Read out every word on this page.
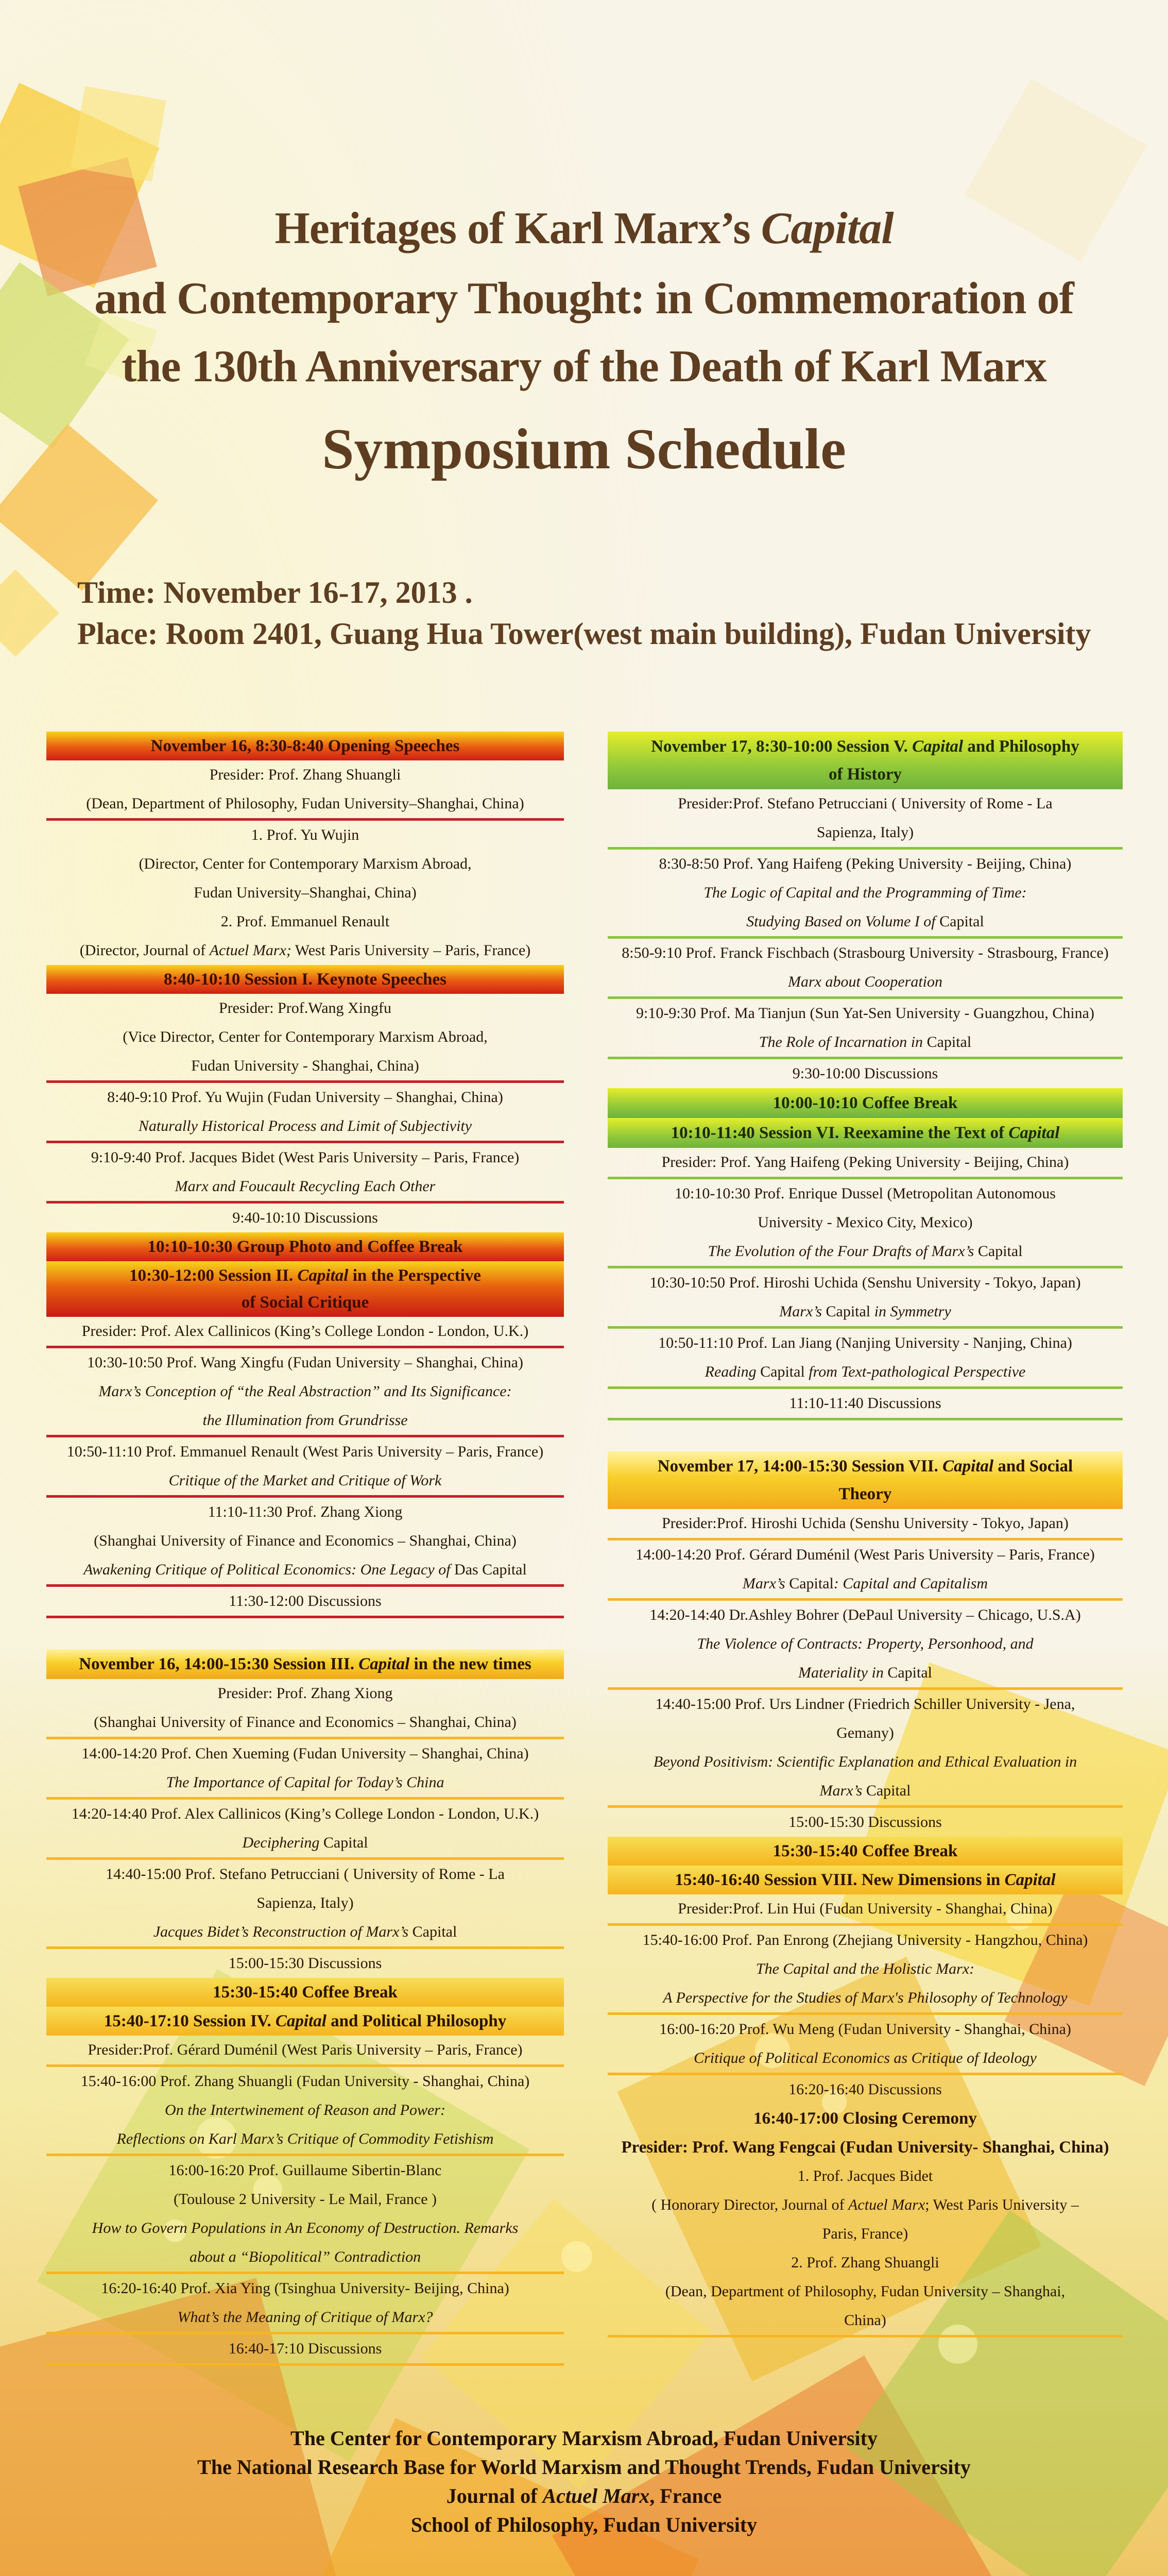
Heritages of Karl Marx’s Capital
and Contemporary Thought: in Commemoration of
the 130th Anniversary of the Death of Karl Marx
Symposium Schedule
Time: November 16-17, 2013 .
Place: Room 2401, Guang Hua Tower(west main building), Fudan University
November 16, 8:30-8:40 Opening Speeches
Presider: Prof. Zhang Shuangli
(Dean, Department of Philosophy, Fudan University–Shanghai, China)
1. Prof. Yu Wujin
(Director, Center for Contemporary Marxism Abroad,
Fudan University–Shanghai, China)
2. Prof. Emmanuel Renault
(Director, Journal of Actuel Marx; West Paris University – Paris, France)
8:40-10:10 Session I. Keynote Speeches
Presider: Prof.Wang Xingfu
(Vice Director, Center for Contemporary Marxism Abroad,
Fudan University - Shanghai, China)
8:40-9:10 Prof. Yu Wujin (Fudan University – Shanghai, China)
Naturally Historical Process and Limit of Subjectivity
9:10-9:40 Prof. Jacques Bidet (West Paris University – Paris, France)
Marx and Foucault Recycling Each Other
9:40-10:10 Discussions
10:10-10:30 Group Photo and Coffee Break
10:30-12:00 Session II. Capital in the Perspective
of Social Critique
Presider: Prof. Alex Callinicos (King’s College London - London, U.K.)
10:30-10:50 Prof. Wang Xingfu (Fudan University – Shanghai, China)
Marx’s Conception of “the Real Abstraction” and Its Significance:
the Illumination from Grundrisse
10:50-11:10 Prof. Emmanuel Renault (West Paris University – Paris, France)
Critique of the Market and Critique of Work
11:10-11:30 Prof. Zhang Xiong
(Shanghai University of Finance and Economics – Shanghai, China)
Awakening Critique of Political Economics: One Legacy of Das Capital
11:30-12:00 Discussions
November 16, 14:00-15:30 Session III. Capital in the new times
Presider: Prof. Zhang Xiong
(Shanghai University of Finance and Economics – Shanghai, China)
14:00-14:20 Prof. Chen Xueming (Fudan University – Shanghai, China)
The Importance of Capital for Today’s China
14:20-14:40 Prof. Alex Callinicos (King’s College London - London, U.K.)
Deciphering Capital
14:40-15:00 Prof. Stefano Petrucciani ( University of Rome - La
Sapienza, Italy)
Jacques Bidet’s Reconstruction of Marx’s Capital
15:00-15:30 Discussions
15:30-15:40 Coffee Break
15:40-17:10 Session IV. Capital and Political Philosophy
Presider:Prof. Gérard Duménil (West Paris University – Paris, France)
15:40-16:00 Prof. Zhang Shuangli (Fudan University - Shanghai, China)
On the Intertwinement of Reason and Power:
Reflections on Karl Marx’s Critique of Commodity Fetishism
16:00-16:20 Prof. Guillaume Sibertin-Blanc
(Toulouse 2 University - Le Mail, France )
How to Govern Populations in An Economy of Destruction. Remarks
about a “Biopolitical” Contradiction
16:20-16:40 Prof. Xia Ying (Tsinghua University- Beijing, China)
What’s the Meaning of Critique of Marx?
16:40-17:10 Discussions
November 17, 8:30-10:00 Session V. Capital and Philosophy
of History
Presider:Prof. Stefano Petrucciani ( University of Rome - La
Sapienza, Italy)
8:30-8:50 Prof. Yang Haifeng (Peking University - Beijing, China)
The Logic of Capital and the Programming of Time:
Studying Based on Volume I of Capital
8:50-9:10 Prof. Franck Fischbach (Strasbourg University - Strasbourg, France)
Marx about Cooperation
9:10-9:30 Prof. Ma Tianjun (Sun Yat-Sen University - Guangzhou, China)
The Role of Incarnation in Capital
9:30-10:00 Discussions
10:00-10:10 Coffee Break
10:10-11:40 Session VI. Reexamine the Text of Capital
Presider: Prof. Yang Haifeng (Peking University - Beijing, China)
10:10-10:30 Prof. Enrique Dussel (Metropolitan Autonomous
University - Mexico City, Mexico)
The Evolution of the Four Drafts of Marx’s Capital
10:30-10:50 Prof. Hiroshi Uchida (Senshu University - Tokyo, Japan)
Marx’s Capital in Symmetry
10:50-11:10 Prof. Lan Jiang (Nanjing University - Nanjing, China)
Reading Capital from Text-pathological Perspective
11:10-11:40 Discussions
November 17, 14:00-15:30 Session VII. Capital and Social
Theory
Presider:Prof. Hiroshi Uchida (Senshu University - Tokyo, Japan)
14:00-14:20 Prof. Gérard Duménil (West Paris University – Paris, France)
Marx’s Capital: Capital and Capitalism
14:20-14:40 Dr.Ashley Bohrer (DePaul University – Chicago, U.S.A)
The Violence of Contracts: Property, Personhood, and
Materiality in Capital
14:40-15:00 Prof. Urs Lindner (Friedrich Schiller University - Jena,
Gemany)
Beyond Positivism: Scientific Explanation and Ethical Evaluation in
Marx’s Capital
15:00-15:30 Discussions
15:30-15:40 Coffee Break
15:40-16:40 Session VIII. New Dimensions in Capital
Presider:Prof. Lin Hui (Fudan University - Shanghai, China)
15:40-16:00 Prof. Pan Enrong (Zhejiang University - Hangzhou, China)
The Capital and the Holistic Marx:
A Perspective for the Studies of Marx's Philosophy of Technology
16:00-16:20 Prof. Wu Meng (Fudan University - Shanghai, China)
Critique of Political Economics as Critique of Ideology
16:20-16:40 Discussions
16:40-17:00 Closing Ceremony
Presider: Prof. Wang Fengcai (Fudan University- Shanghai, China)
1. Prof. Jacques Bidet
( Honorary Director, Journal of Actuel Marx; West Paris University –
Paris, France)
2. Prof. Zhang Shuangli
(Dean, Department of Philosophy, Fudan University – Shanghai,
China)
The Center for Contemporary Marxism Abroad, Fudan University
The National Research Base for World Marxism and Thought Trends, Fudan University
Journal of Actuel Marx, France
School of Philosophy, Fudan University
